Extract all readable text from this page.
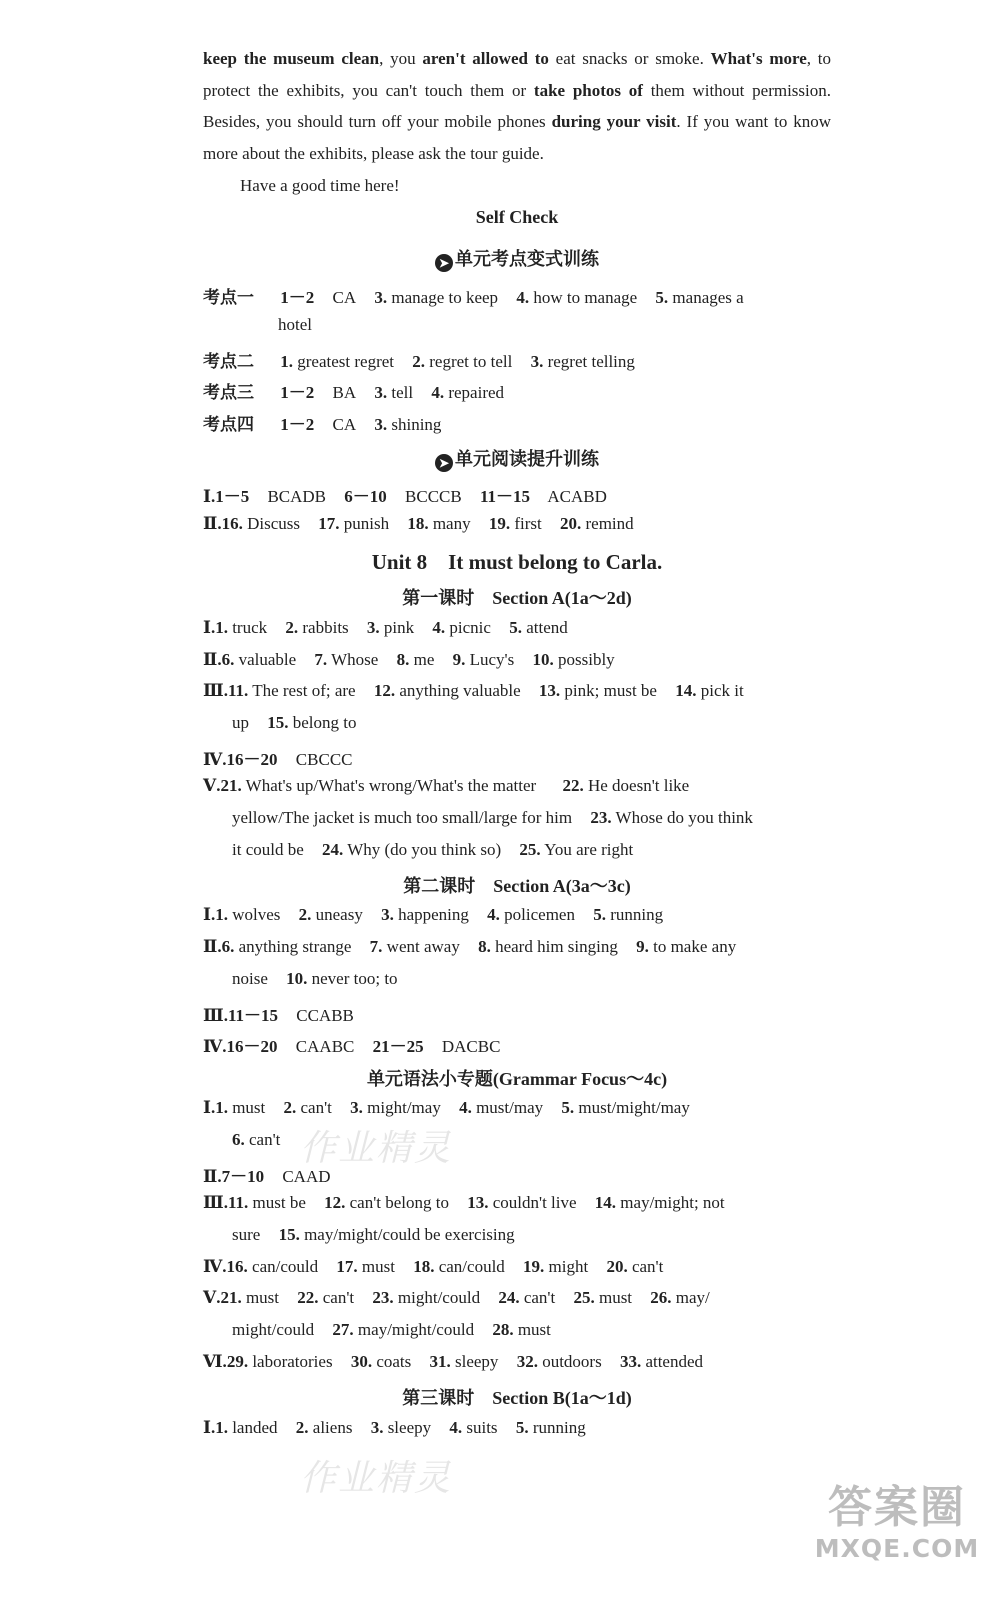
keep the museum clean, you aren't allowed to eat snacks or smoke. What's more, to protect the exhibits, you can't touch them or take photos of them without permission. Besides, you should turn off your mobile phones during your visit. If you want to know more about the exhibits, please ask the tour guide.
Have a good time here!
Self Check
➤ 单元考点变式训练
考点一 1－2 CA 3. manage to keep 4. how to manage 5. manages a
hotel
考点二 1. greatest regret 2. regret to tell 3. regret telling
考点三 1－2 BA 3. tell 4. repaired
考点四 1－2 CA 3. shining
➤ 单元阅读提升训练
Ⅰ.1－5 BCADB 6－10 BCCCB 11－15 ACABD
Ⅱ.16. Discuss 17. punish 18. many 19. first 20. remind
Unit 8　It must belong to Carla.
第一课时　Section A(1a～2d)
Ⅰ.1. truck 2. rabbits 3. pink 4. picnic 5. attend
Ⅱ.6. valuable 7. Whose 8. me 9. Lucy's 10. possibly
Ⅲ.11. The rest of; are 12. anything valuable 13. pink; must be 14. pick it
up 15. belong to
Ⅳ.16－20 CBCCC
Ⅴ.21. What's up/What's wrong/What's the matter 22. He doesn't like
yellow/The jacket is much too small/large for him 23. Whose do you think
it could be 24. Why (do you think so) 25. You are right
第二课时　Section A(3a～3c)
Ⅰ.1. wolves 2. uneasy 3. happening 4. policemen 5. running
Ⅱ.6. anything strange 7. went away 8. heard him singing 9. to make any
noise 10. never too; to
Ⅲ.11－15 CCABB
Ⅳ.16－20 CAABC 21－25 DACBC
单元语法小专题(Grammar Focus～4c)
Ⅰ.1. must 2. can't 3. might/may 4. must/may 5. must/might/may
6. can't
Ⅱ.7－10 CAAD
Ⅲ.11. must be 12. can't belong to 13. couldn't live 14. may/might; not
sure 15. may/might/could be exercising
Ⅳ.16. can/could 17. must 18. can/could 19. might 20. can't
Ⅴ.21. must 22. can't 23. might/could 24. can't 25. must 26. may/
might/could 27. may/might/could 28. must
Ⅵ.29. laboratories 30. coats 31. sleepy 32. outdoors 33. attended
第三课时　Section B(1a～1d)
Ⅰ.1. landed 2. aliens 3. sleepy 4. suits 5. running
作业精灵
作业精灵
答案圈
MXQE.COM
